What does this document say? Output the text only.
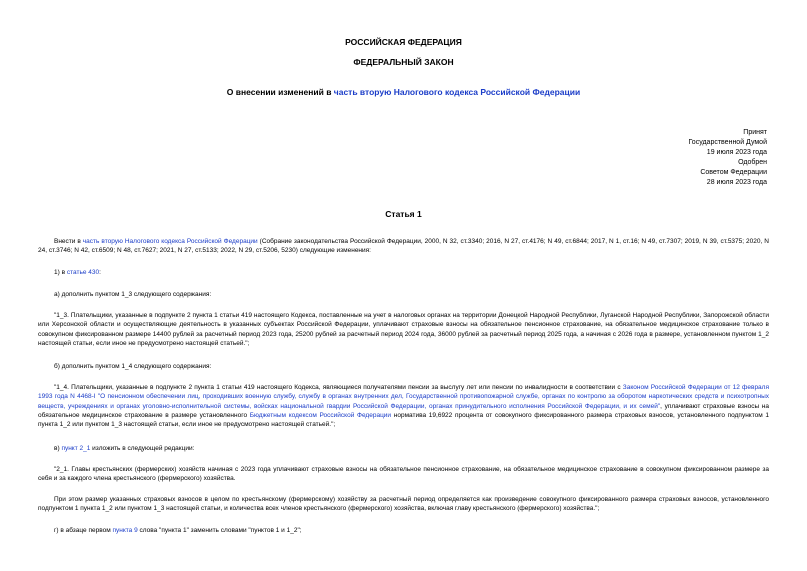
РОССИЙСКАЯ ФЕДЕРАЦИЯ
ФЕДЕРАЛЬНЫЙ ЗАКОН
О внесении изменений в часть вторую Налогового кодекса Российской Федерации
Принят
Государственной Думой
19 июля 2023 года
Одобрен
Советом Федерации
28 июля 2023 года
Статья 1
Внести в часть вторую Налогового кодекса Российской Федерации (Собрание законодательства Российской Федерации, 2000, N 32, ст.3340; 2016, N 27, ст.4176; N 49, ст.6844; 2017, N 1, ст.16; N 49, ст.7307; 2019, N 39, ст.5375; 2020, N 24, ст.3746; N 42, ст.6509; N 48, ст.7627; 2021, N 27, ст.5133; 2022, N 29, ст.5206, 5230) следующие изменения:
1) в статье 430:
а) дополнить пунктом 1_3 следующего содержания:
"1_3. Плательщики, указанные в подпункте 2 пункта 1 статьи 419 настоящего Кодекса, поставленные на учет в налоговых органах на территории Донецкой Народной Республики, Луганской Народной Республики, Запорожской области или Херсонской области и осуществляющие деятельность в указанных субъектах Российской Федерации, уплачивают страховые взносы на обязательное пенсионное страхование, на обязательное медицинское страхование только в совокупном фиксированном размере 14400 рублей за расчетный период 2023 года, 25200 рублей за расчетный период 2024 года, 36000 рублей за расчетный период 2025 года, а начиная с 2026 года в размере, установленном пунктом 1_2 настоящей статьи, если иное не предусмотрено настоящей статьей.";
б) дополнить пунктом 1_4 следующего содержания:
"1_4. Плательщики, указанные в подпункте 2 пункта 1 статьи 419 настоящего Кодекса, являющиеся получателями пенсии за выслугу лет или пенсии по инвалидности в соответствии с Законом Российской Федерации от 12 февраля 1993 года N 4468-I "О пенсионном обеспечении лиц, проходивших военную службу, службу в органах внутренних дел, Государственной противопожарной службе, органах по контролю за оборотом наркотических средств и психотропных веществ, учреждениях и органах уголовно-исполнительной системы, войсках национальной гвардии Российской Федерации, органах принудительного исполнения Российской Федерации, и их семей", уплачивают страховые взносы на обязательное медицинское страхование в размере установленного Бюджетным кодексом Российской Федерации норматива 19,6922 процента от совокупного фиксированного размера страховых взносов, установленного подпунктом 1 пункта 1_2 или пунктом 1_3 настоящей статьи, если иное не предусмотрено настоящей статьей.";
в) пункт 2_1 изложить в следующей редакции:
"2_1. Главы крестьянских (фермерских) хозяйств начиная с 2023 года уплачивают страховые взносы на обязательное пенсионное страхование, на обязательное медицинское страхование в совокупном фиксированном размере за себя и за каждого члена крестьянского (фермерского) хозяйства.
При этом размер указанных страховых взносов в целом по крестьянскому (фермерскому) хозяйству за расчетный период определяется как произведение совокупного фиксированного размера страховых взносов, установленного подпунктом 1 пункта 1_2 или пунктом 1_3 настоящей статьи, и количества всех членов крестьянского (фермерского) хозяйства, включая главу крестьянского (фермерского) хозяйства.";
г) в абзаце первом пункта 9 слова "пункта 1" заменить словами "пунктов 1 и 1_2";
